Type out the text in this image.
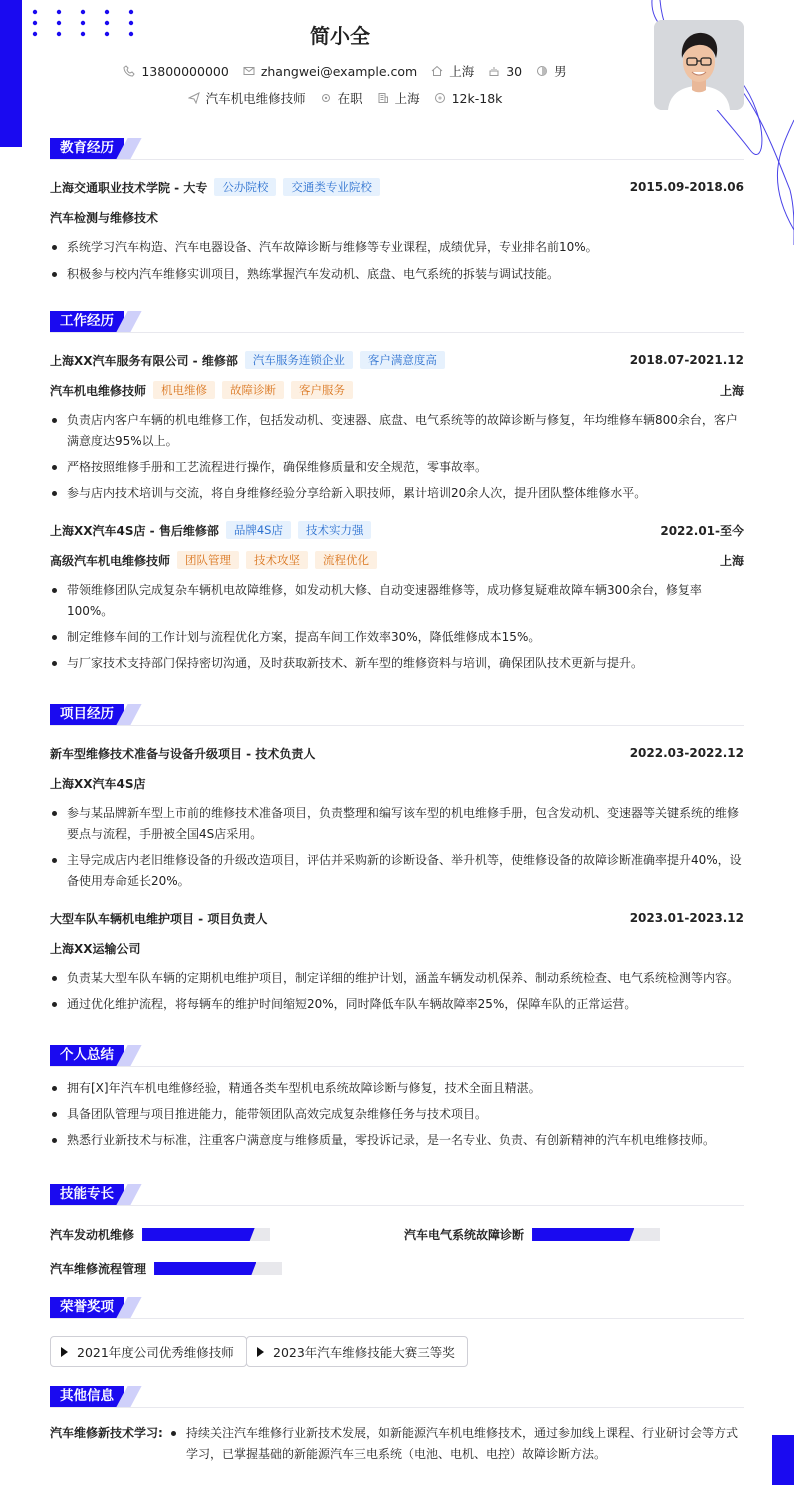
简小全
13800000000	zhangwei@example.com	上海	30	男
汽车机电维修技师	在职	上海	12k-18k
教育经历
上海交通职业技术学院 - 大专	公办院校	交通类专业院校	2015.09-2018.06
汽车检测与维修技术
系统学习汽车构造、汽车电器设备、汽车故障诊断与维修等专业课程，成绩优异，专业排名前10%。
积极参与校内汽车维修实训项目，熟练掌握汽车发动机、底盘、电气系统的拆装与调试技能。
工作经历
上海XX汽车服务有限公司 - 维修部	汽车服务连锁企业	客户满意度高	2018.07-2021.12
汽车机电维修技师	机电维修	故障诊断	客户服务	上海
负责店内客户车辆的机电维修工作，包括发动机、变速器、底盘、电气系统等的故障诊断与修复，年均维修车辆800余台，客户满意度达95%以上。
严格按照维修手册和工艺流程进行操作，确保维修质量和安全规范，零事故率。
参与店内技术培训与交流，将自身维修经验分享给新入职技师，累计培训20余人次，提升团队整体维修水平。
上海XX汽车4S店 - 售后维修部	品牌4S店	技术实力强	2022.01-至今
高级汽车机电维修技师	团队管理	技术攻坚	流程优化	上海
带领维修团队完成复杂车辆机电故障维修，如发动机大修、自动变速器维修等，成功修复疑难故障车辆300余台，修复率100%。
制定维修车间的工作计划与流程优化方案，提高车间工作效率30%，降低维修成本15%。
与厂家技术支持部门保持密切沟通，及时获取新技术、新车型的维修资料与培训，确保团队技术更新与提升。
项目经历
新车型维修技术准备与设备升级项目 - 技术负责人	2022.03-2022.12
上海XX汽车4S店
参与某品牌新车型上市前的维修技术准备项目，负责整理和编写该车型的机电维修手册，包含发动机、变速器等关键系统的维修要点与流程，手册被全国4S店采用。
主导完成店内老旧维修设备的升级改造项目，评估并采购新的诊断设备、举升机等，使维修设备的故障诊断准确率提升40%，设备使用寿命延长20%。
大型车队车辆机电维护项目 - 项目负责人	2023.01-2023.12
上海XX运输公司
负责某大型车队车辆的定期机电维护项目，制定详细的维护计划，涵盖车辆发动机保养、制动系统检查、电气系统检测等内容。
通过优化维护流程，将每辆车的维护时间缩短20%，同时降低车队车辆故障率25%，保障车队的正常运营。
个人总结
拥有[X]年汽车机电维修经验，精通各类车型机电系统故障诊断与修复，技术全面且精湛。
具备团队管理与项目推进能力，能带领团队高效完成复杂维修任务与技术项目。
熟悉行业新技术与标准，注重客户满意度与维修质量，零投诉记录，是一名专业、负责、有创新精神的汽车机电维修技师。
技能专长
汽车发动机维修	汽车电气系统故障诊断
汽车维修流程管理
荣誉奖项
2021年度公司优秀维修技师	2023年汽车维修技能大赛三等奖
其他信息
汽车维修新技术学习:	持续关注汽车维修行业新技术发展，如新能源汽车机电维修技术，通过参加线上课程、行业研讨会等方式学习，已掌握基础的新能源汽车三电系统（电池、电机、电控）故障诊断方法。
